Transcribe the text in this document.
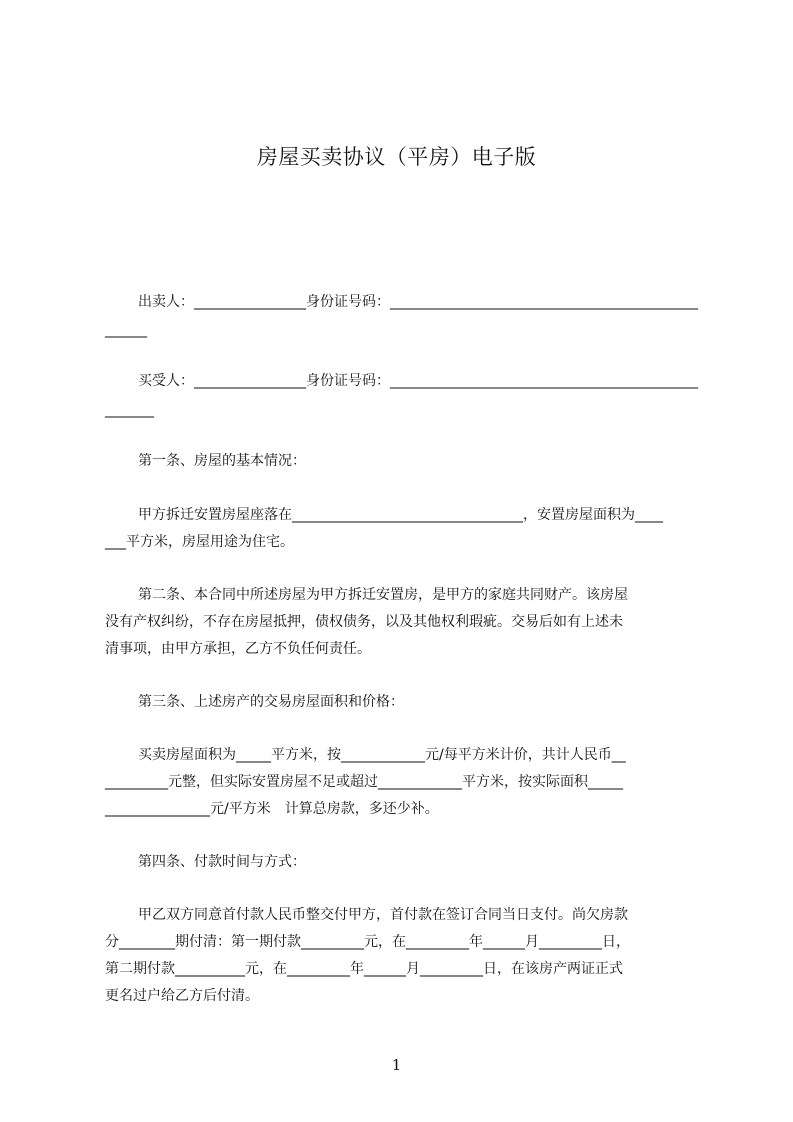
房屋买卖协议（平房）电子版
出卖人：________________身份证号码：____________________________________________
______
买受人：________________身份证号码：____________________________________________
_______
第一条、房屋的基本情况：
甲方拆迁安置房屋座落在_________________________________，安置房屋面积为____
___平方米，房屋用途为住宅。
第二条、本合同中所述房屋为甲方拆迁安置房，是甲方的家庭共同财产。该房屋
没有产权纠纷，不存在房屋抵押，债权债务，以及其他权利瑕疵。交易后如有上述未
清事项，由甲方承担，乙方不负任何责任。
第三条、上述房产的交易房屋面积和价格：
买卖房屋面积为_____平方米，按____________元/每平方米计价，共计人民币__
_________元整，但实际安置房屋不足或超过____________平方米，按实际面积_____
_______________元/平方米　计算总房款，多还少补。
第四条、付款时间与方式：
甲乙双方同意首付款人民币整交付甲方，首付款在签订合同当日支付。尚欠房款
分________期付清：第一期付款_________元，在_________年______月_________日，
第二期付款__________元，在_________年______月_________日，在该房产两证正式
更名过户给乙方后付清。
1
